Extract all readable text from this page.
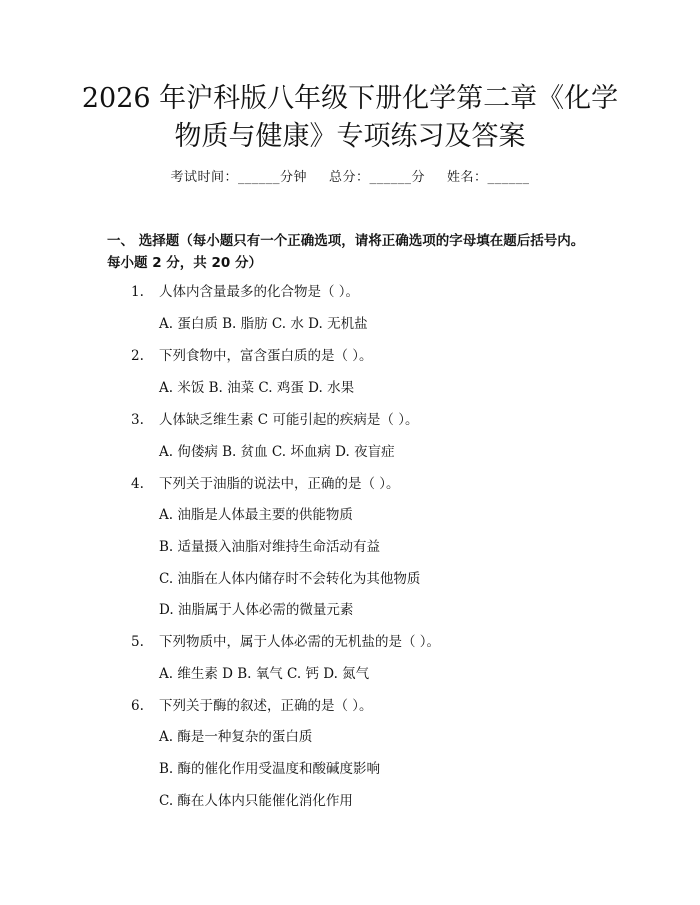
2026 年沪科版八年级下册化学第二章《化学
物质与健康》专项练习及答案
考试时间：______分钟 总分：______分 姓名：______
一、 选择题（每小题只有一个正确选项，请将正确选项的字母填在题后括号内。
每小题 2 分，共 20 分）
1. 人体内含量最多的化合物是（ ）。
A. 蛋白质 B. 脂肪 C. 水 D. 无机盐
2. 下列食物中，富含蛋白质的是（ ）。
A. 米饭 B. 油菜 C. 鸡蛋 D. 水果
3. 人体缺乏维生素 C 可能引起的疾病是（ ）。
A. 佝偻病 B. 贫血 C. 坏血病 D. 夜盲症
4. 下列关于油脂的说法中，正确的是（ ）。
A. 油脂是人体最主要的供能物质
B. 适量摄入油脂对维持生命活动有益
C. 油脂在人体内储存时不会转化为其他物质
D. 油脂属于人体必需的微量元素
5. 下列物质中，属于人体必需的无机盐的是（ ）。
A. 维生素 D B. 氧气 C. 钙 D. 氮气
6. 下列关于酶的叙述，正确的是（ ）。
A. 酶是一种复杂的蛋白质
B. 酶的催化作用受温度和酸碱度影响
C. 酶在人体内只能催化消化作用
